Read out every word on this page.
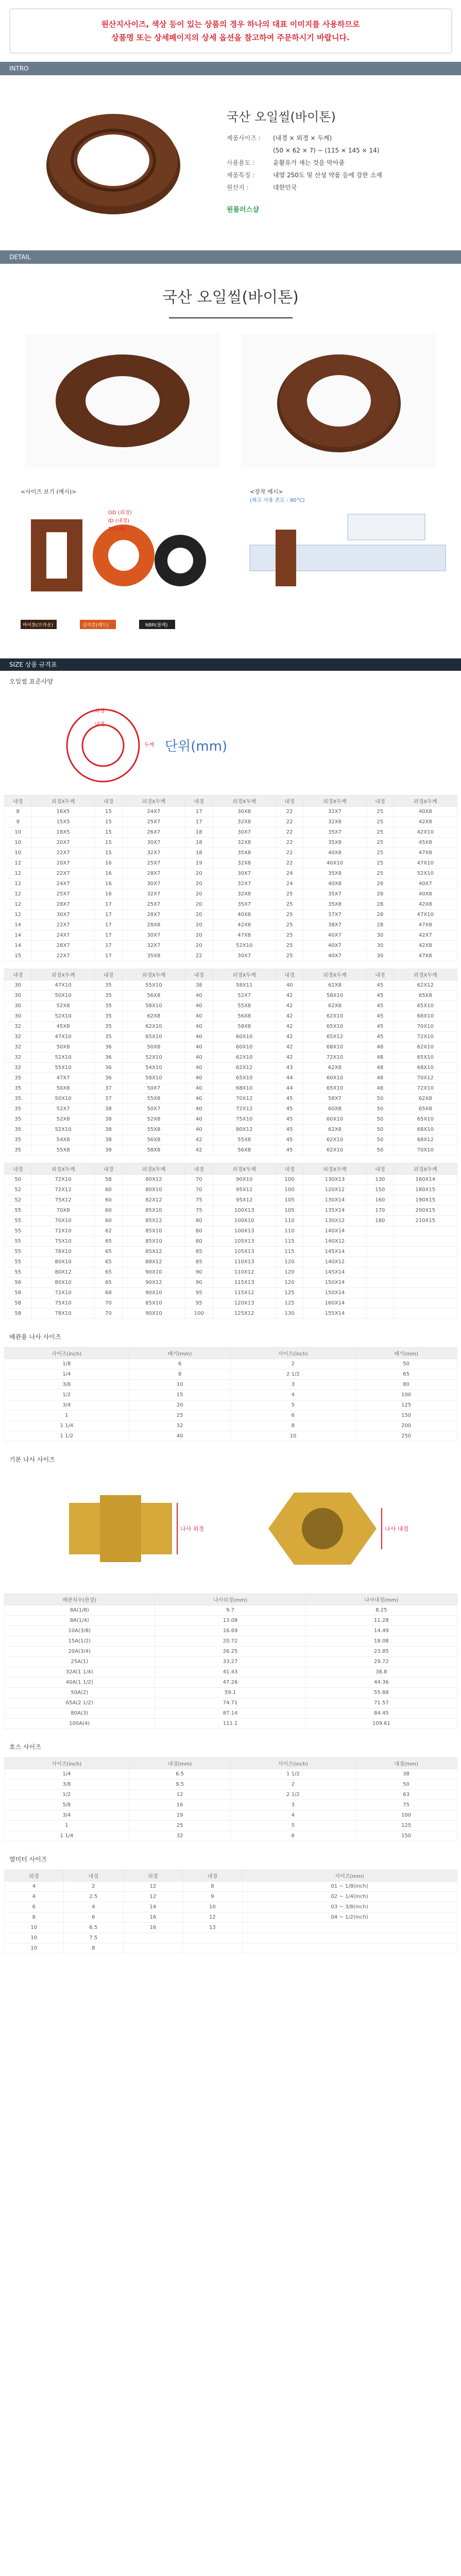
원산지사이즈, 색상 등이 있는 상품의 경우 하나의 대표 이미지를 사용하므로

상품명 또는 상세페이지의 상세 옵션을 참고하여 주문하시기 바랍니다.

INTRO
국산 오일씰(바이톤)
제품사이즈 :	(내경 × 외경 × 두께)
(50 × 62 × 7) ~ (115 × 145 × 14)
사용용도 :	윤활유가 새는 것을 막아줌
제품특징 :	내열 250도 및 산성 약품 등에 강한 소재
원산지 :	대한민국
원플러스샵
DETAIL
국산 오일씰(바이톤)
<사이즈 보기 (예시)>
OD (외경)
ID (내경)
T(두께)
바이톤(브라운)	실리콘(레드)	NBR(블랙)
<장착 예시>
(최고 사용 온도 : 80°C)
SIZE 상품 규격표
오일씰 표준사양
내경
외경
두께 단위(mm)
내경	외경X두께	내경	외경X두께	내경	외경X두께	내경	외경X두께	내경	외경X두께
8	16X5	15	24X7	17	30X8	22	32X7	25	40X8
9	15X5	15	25X7	17	32X8	22	32X8	25	42X8
10	18X5	15	26X7	18	30X7	22	35X7	25	42X10
10	20X7	15	30X7	18	32X8	22	35X8	25	45X8
10	22X7	15	32X7	18	35X8	22	40X8	25	47X8
12	20X7	16	25X7	19	32X8	22	40X10	25	47X10
12	22X7	16	28X7	20	30X7	24	35X8	25	52X10
12	24X7	16	30X7	20	32X7	24	40X8	28	40X7
12	25X7	16	32X7	20	32X8	25	35X7	28	40X8
12	28X7	17	25X7	20	35X7	25	35X8	28	42X8
12	30X7	17	28X7	20	40X8	25	37X7	28	47X10
14	22X7	17	28X8	20	42X8	25	38X7	28	47X8
14	24X7	17	30X7	20	47X8	25	40X7	30	42X7
14	28X7	17	32X7	20	52X10	25	40X7	30	42X8
15	22X7	17	35X8	22	30X7	25	40X7	30	47X8
내경	외경X두께	내경	외경X두께	내경	외경X두께	내경	외경X두께	내경	외경X두께
30	47X10	35	55X10	38	58X11	40	62X8	45	62X12
30	50X10	35	56X8	40	52X7	42	58X10	45	65X8
30	52X8	35	58X10	40	55X8	42	62X8	45	65X10
30	52X10	35	62X8	40	56X8	42	62X10	45	68X10
32	45X8	35	62X10	40	58X8	42	65X10	45	70X10
32	47X10	35	65X10	40	60X10	42	65X12	45	72X10
32	50X8	36	50X8	40	60X10	42	68X10	48	62X10
32	52X10	36	52X10	40	62X10	42	72X10	48	65X10
32	55X10	36	54X10	40	62X12	43	62X8	48	68X10
35	47X7	36	58X10	40	65X10	44	60X10	48	70X12
35	50X8	37	50X7	40	68X10	44	65X10	48	72X10
35	50X10	37	55X8	40	70X12	45	58X7	50	62X8
35	52X7	38	50X7	40	72X12	45	60X8	50	65X8
35	52X8	38	52X8	40	75X10	45	60X10	50	65X10
35	52X10	38	55X8	40	80X12	45	62X8	50	68X10
35	54X8	38	56X8	42	55X8	45	62X10	50	68X12
35	55X8	38	58X8	42	56X8	45	62X10	50	70X10
내경	외경X두께	내경	외경X두께	내경	외경X두께	내경	외경X두께	내경	외경X두께
50	72X10	58	80X12	70	90X10	100	130X13	130	160X14
52	72X12	60	80X10	70	95X12	100	120X12	150	180X15
52	75X12	60	82X12	75	95X12	105	130X14	160	190X15
55	70X8	60	85X10	75	100X13	105	135X14	170	200X15
55	70X10	60	85X12	80	100X10	110	130X12	180	210X15
55	72X10	62	85X10	80	100X13	110	140X14		
55	75X10	65	85X10	80	105X13	115	140X12		
55	78X10	65	85X12	85	105X13	115	145X14		
55	80X10	65	88X12	85	110X13	120	140X12		
55	80X12	65	90X10	90	110X12	120	145X14		
56	80X10	65	90X12	90	115X13	120	150X14		
58	72X10	68	90X10	95	115X12	125	150X14		
58	75X10	70	85X10	95	120X13	125	160X14		
58	78X10	70	90X10	100	125X12	130	155X14		
배관용 나사 사이즈
사이즈(inch)	배기(mm)	사이즈(inch)	배기(mm)
1/8	6	2	50
1/4	8	2 1/2	65
3/8	10	3	80
1/2	15	4	100
3/4	20	5	125
1	25	6	150
1 1/4	32	8	200
1 1/2	40	10	250
기본 나사 사이즈
나사 외경	나사 내경
배관치수(관경)	나사외경(mm)	나사내경(mm)
8A(1/8)	9.7	8.25
8A(1/4)	13.08	11.28
10A(3/8)	16.69	14.49
15A(1/2)	20.72	18.08
20A(3/4)	26.25	23.85
25A(1)	33.27	29.72
32A(1 1/4)	41.43	38.8
40A(1 1/2)	47.26	44.36
50A(2)	59.1	55.88
65A(2 1/2)	74.71	71.57
80A(3)	87.14	84.45
100A(4)	111.1	109.61
호스 사이즈
사이즈(inch)	내경(mm)	사이즈(inch)	내경(mm)
1/4	6.5	1 1/2	38
3/8	9.5	2	50
1/2	12	2 1/2	63
5/8	16	3	75
3/4	19	4	100
1	25	5	125
1 1/4	32	6	150
열미터 사이즈
외경	내경	외경	내경	사이즈(mm)
4	2	12	8	01 ~ 1/8(inch)
4	2.5	12	9	02 ~ 1/4(inch)
6	4	14	10	03 ~ 3/8(inch)
8	6	16	12	04 ~ 1/2(inch)
10	6.5	16	13	
10	7.5			
10	8			
